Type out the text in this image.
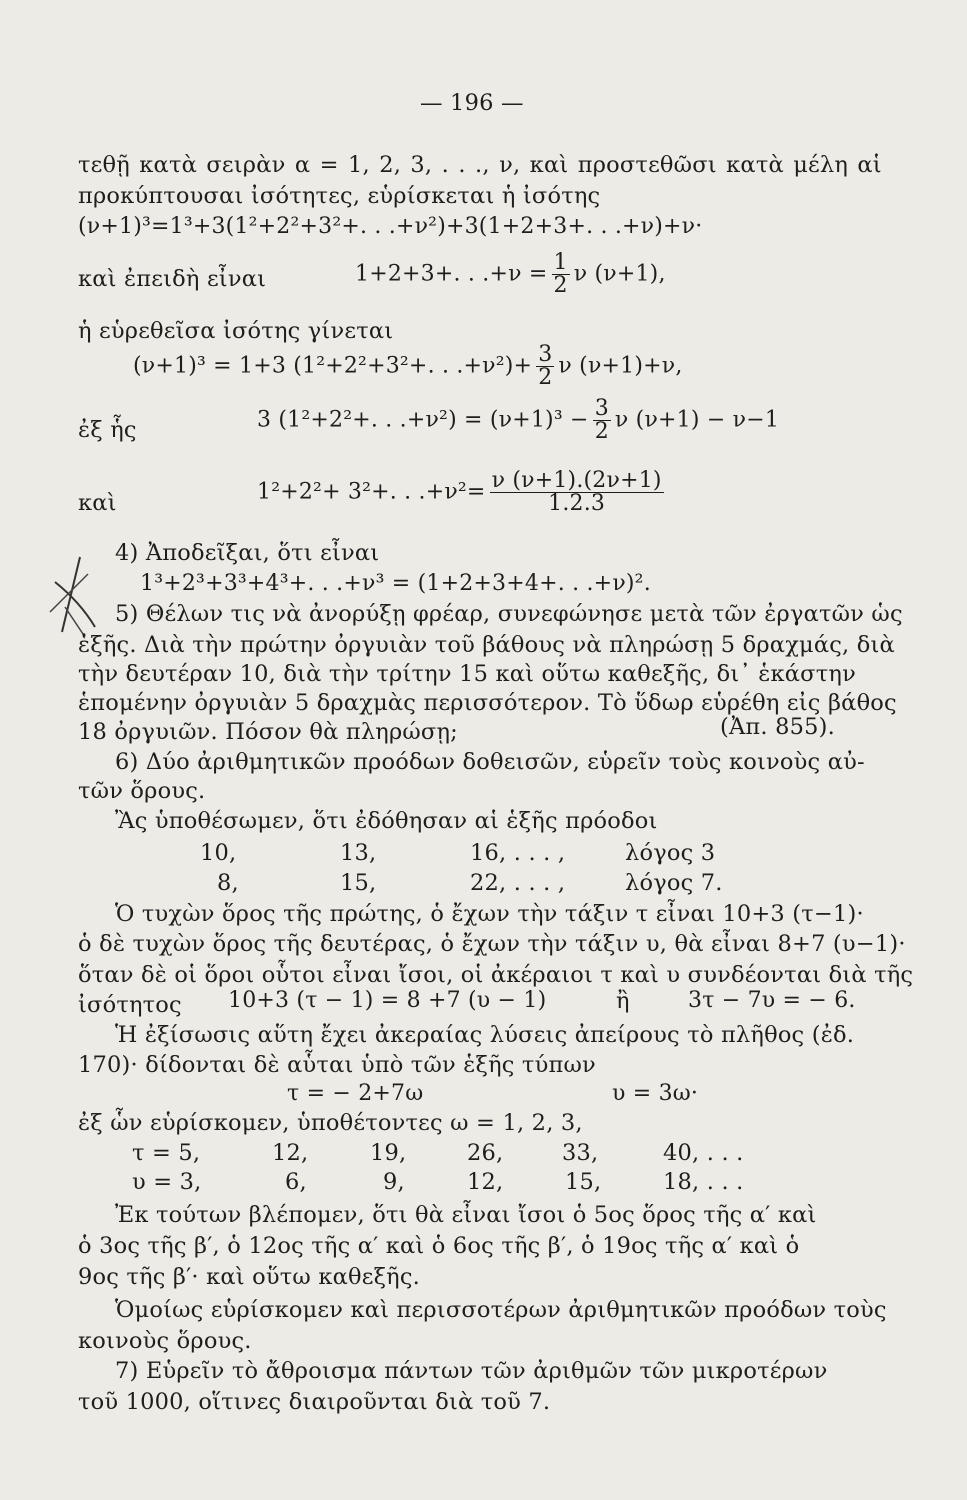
— 196 —
τεθῇ κατὰ σειρὰν α = 1, 2, 3, . . ., ν, καὶ προστεθῶσι κατὰ μέλη αἱ
προκύπτουσαι ἰσότητες, εὑρίσκεται ἡ ἰσότης
(ν+1)³=1³+3(1²+2²+3²+. . .+ν²)+3(1+2+3+. . .+ν)+ν·
καὶ ἐπειδὴ εἶναι	1+2+3+. . $.+\nu = \frac{1}{2}$ ν (ν+1),
ἡ εὑρεθεῖσα ἰσότης γίνεται
(ν+1)³ = 1+3 (1²+2²+3²+. . $.+\nu^2)+ \frac{3}{2}$ ν (ν+1)+ν,
ἐξ ἧς	3 (1²+2²+. . $.+\nu^2) = (\nu+1)^3 - \frac{3}{2}$ ν (ν+1) − ν−1
καὶ	1²+2²+ 3²+. . $.+\nu^2= \frac{\nu (\nu+1).(2\nu+1)}{1.2.3}$
4) Ἀποδεῖξαι, ὅτι εἶναι
1³+2³+3³+4³+. . .+ν³ = (1+2+3+4+. . .+ν)².
5) Θέλων τις νὰ ἀνορύξῃ φρέαρ, συνεφώνησε μετὰ τῶν ἐργατῶν ὡς
ἑξῆς. Διὰ τὴν πρώτην ὀργυιὰν τοῦ βάθους νὰ πληρώσῃ 5 δραχμάς, διὰ
τὴν δευτέραν 10, διὰ τὴν τρίτην 15 καὶ οὕτω καθεξῆς, δι᾽ ἑκάστην
ἑπομένην ὀργυιὰν 5 δραχμὰς περισσότερον. Τὸ ὕδωρ εὑρέθη εἰς βάθος
18 ὀργυιῶν. Πόσον θὰ πληρώσῃ;	(Ἀπ. 855).
6) Δύο ἀριθμητικῶν προόδων δοθεισῶν, εὑρεῖν τοὺς κοινοὺς αὐ-
τῶν ὅρους.
Ἂς ὑποθέσωμεν, ὅτι ἐδόθησαν αἱ ἑξῆς πρόοδοι
10,	13,	16, . . . ,	λόγος 3
8,	15,	22, . . . ,	λόγος 7.
Ὁ τυχὼν ὅρος τῆς πρώτης, ὁ ἔχων τὴν τάξιν τ εἶναι 10+3 (τ−1)·
ὁ δὲ τυχὼν ὅρος τῆς δευτέρας, ὁ ἔχων τὴν τάξιν υ, θὰ εἶναι 8+7 (υ−1)·
ὅταν δὲ οἱ ὅροι οὗτοι εἶναι ἴσοι, οἱ ἀκέραιοι τ καὶ υ συνδέονται διὰ τῆς
ἰσότητος 10+3 (τ − 1) = 8 +7 (υ − 1)	ἢ	3τ − 7υ = − 6.
Ἡ ἐξίσωσις αὕτη ἔχει ἀκεραίας λύσεις ἀπείρους τὸ πλῆθος (ἐδ.
170)· δίδονται δὲ αὗται ὑπὸ τῶν ἑξῆς τύπων
τ = − 2+7ω	υ = 3ω·
ἐξ ὧν εὑρίσκομεν, ὑποθέτοντες ω = 1, 2, 3,
τ = 5,	12,	19,	26,	33,	40, . . .
υ = 3,	6,	9,	12,	15,	18, . . .
Ἐκ τούτων βλέπομεν, ὅτι θὰ εἶναι ἴσοι ὁ 5ος ὅρος τῆς α′ καὶ
ὁ 3ος τῆς β′, ὁ 12ος τῆς α′ καὶ ὁ 6ος τῆς β′, ὁ 19ος τῆς α′ καὶ ὁ
9ος τῆς β′· καὶ οὕτω καθεξῆς.
Ὁμοίως εὑρίσκομεν καὶ περισσοτέρων ἀριθμητικῶν προόδων τοὺς
κοινοὺς ὅρους.
7) Εὑρεῖν τὸ ἄθροισμα πάντων τῶν ἀριθμῶν τῶν μικροτέρων
τοῦ 1000, οἵτινες διαιροῦνται διὰ τοῦ 7.
